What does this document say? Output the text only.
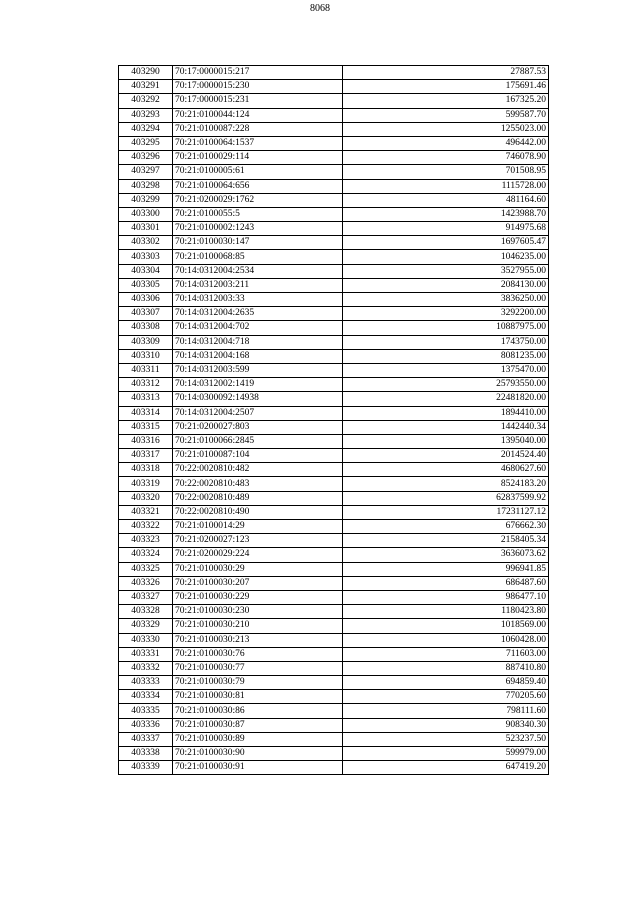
8068
403290	70:17:0000015:217	27887.53
403291	70:17:0000015:230	175691.46
403292	70:17:0000015:231	167325.20
403293	70:21:0100044:124	599587.70
403294	70:21:0100087:228	1255023.00
403295	70:21:0100064:1537	496442.00
403296	70:21:0100029:114	746078.90
403297	70:21:0100005:61	701508.95
403298	70:21:0100064:656	1115728.00
403299	70:21:0200029:1762	481164.60
403300	70:21:0100055:5	1423988.70
403301	70:21:0100002:1243	914975.68
403302	70:21:0100030:147	1697605.47
403303	70:21:0100068:85	1046235.00
403304	70:14:0312004:2534	3527955.00
403305	70:14:0312003:211	2084130.00
403306	70:14:0312003:33	3836250.00
403307	70:14:0312004:2635	3292200.00
403308	70:14:0312004:702	10887975.00
403309	70:14:0312004:718	1743750.00
403310	70:14:0312004:168	8081235.00
403311	70:14:0312003:599	1375470.00
403312	70:14:0312002:1419	25793550.00
403313	70:14:0300092:14938	22481820.00
403314	70:14:0312004:2507	1894410.00
403315	70:21:0200027:803	1442440.34
403316	70:21:0100066:2845	1395040.00
403317	70:21:0100087:104	2014524.40
403318	70:22:0020810:482	4680627.60
403319	70:22:0020810:483	8524183.20
403320	70:22:0020810:489	62837599.92
403321	70:22:0020810:490	17231127.12
403322	70:21:0100014:29	676662.30
403323	70:21:0200027:123	2158405.34
403324	70:21:0200029:224	3636073.62
403325	70:21:0100030:29	996941.85
403326	70:21:0100030:207	686487.60
403327	70:21:0100030:229	986477.10
403328	70:21:0100030:230	1180423.80
403329	70:21:0100030:210	1018569.00
403330	70:21:0100030:213	1060428.00
403331	70:21:0100030:76	711603.00
403332	70:21:0100030:77	887410.80
403333	70:21:0100030:79	694859.40
403334	70:21:0100030:81	770205.60
403335	70:21:0100030:86	798111.60
403336	70:21:0100030:87	908340.30
403337	70:21:0100030:89	523237.50
403338	70:21:0100030:90	599979.00
403339	70:21:0100030:91	647419.20
